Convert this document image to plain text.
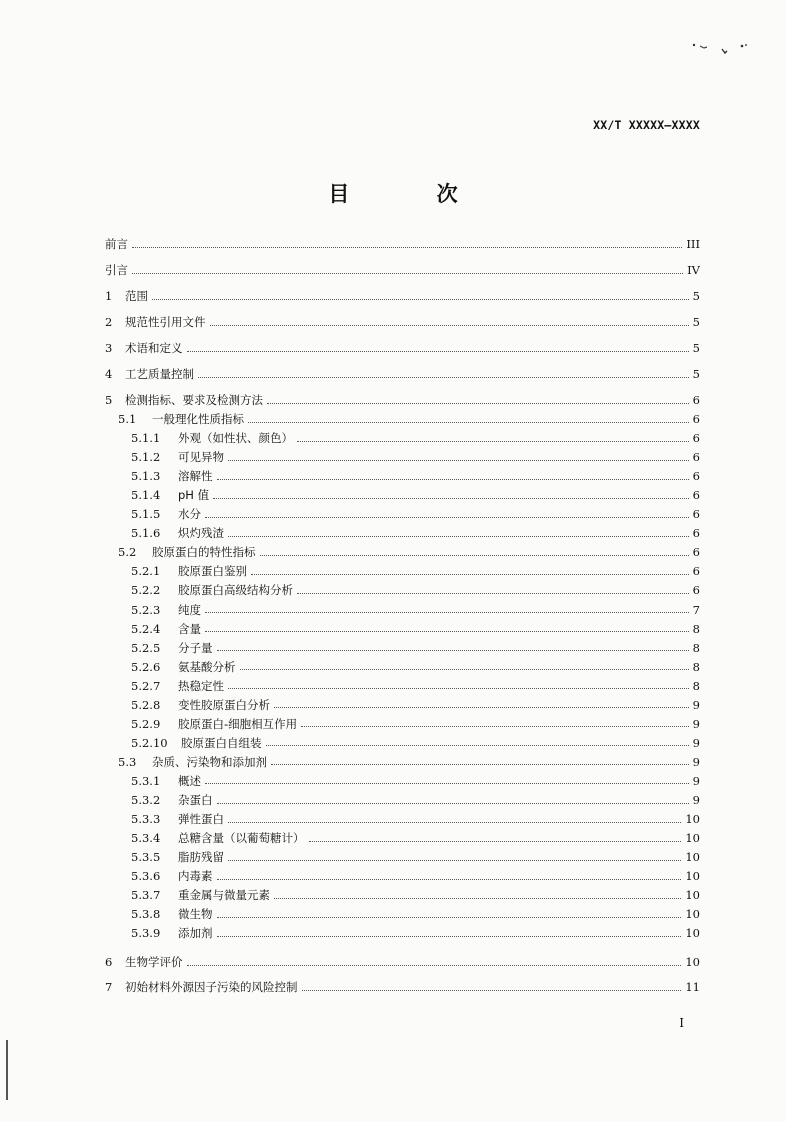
XX/T XXXXX—XXXX
目 次
前言	III
引言	IV
1	范围	5
2	规范性引用文件	5
3	术语和定义	5
4	工艺质量控制	5
5	检测指标、要求及检测方法	6
5.1	一般理化性质指标	6
5.1.1	外观（如性状、颜色）	6
5.1.2	可见异物	6
5.1.3	溶解性	6
5.1.4	pH 值	6
5.1.5	水分	6
5.1.6	炽灼残渣	6
5.2	胶原蛋白的特性指标	6
5.2.1	胶原蛋白鉴别	6
5.2.2	胶原蛋白高级结构分析	6
5.2.3	纯度	7
5.2.4	含量	8
5.2.5	分子量	8
5.2.6	氨基酸分析	8
5.2.7	热稳定性	8
5.2.8	变性胶原蛋白分析	9
5.2.9	胶原蛋白-细胞相互作用	9
5.2.10	胶原蛋白自组装	9
5.3	杂质、污染物和添加剂	9
5.3.1	概述	9
5.3.2	杂蛋白	9
5.3.3	弹性蛋白	10
5.3.4	总糖含量（以葡萄糖计）	10
5.3.5	脂肪残留	10
5.3.6	内毒素	10
5.3.7	重金属与微量元素	10
5.3.8	微生物	10
5.3.9	添加剂	10
6	生物学评价	10
7	初始材料外源因子污染的风险控制	11
I
